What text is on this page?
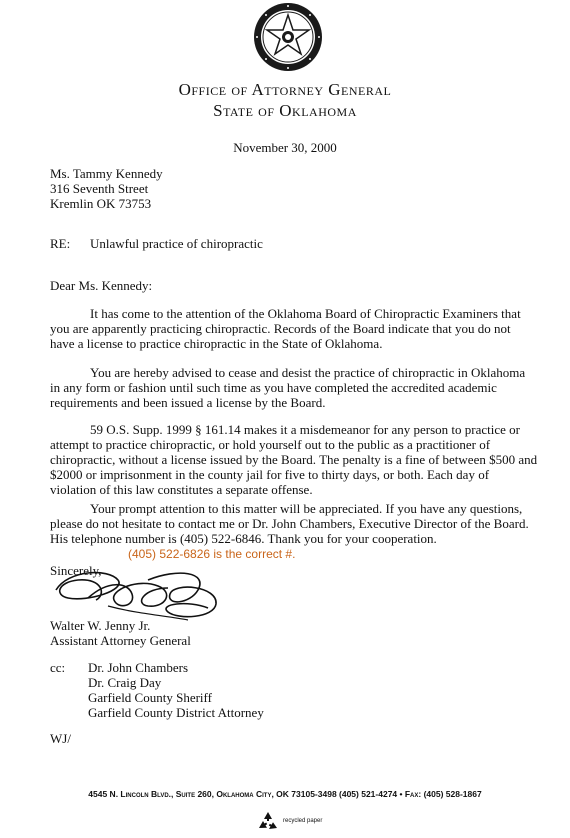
Office of Attorney General
State of Oklahoma
November 30, 2000
Ms. Tammy Kennedy
316 Seventh Street
Kremlin OK 73753
RE: Unlawful practice of chiropractic
Dear Ms. Kennedy:
It has come to the attention of the Oklahoma Board of Chiropractic Examiners that you are apparently practicing chiropractic. Records of the Board indicate that you do not have a license to practice chiropractic in the State of Oklahoma.
You are hereby advised to cease and desist the practice of chiropractic in Oklahoma in any form or fashion until such time as you have completed the accredited academic requirements and been issued a license by the Board.
59 O.S. Supp. 1999 § 161.14 makes it a misdemeanor for any person to practice or attempt to practice chiropractic, or hold yourself out to the public as a practitioner of chiropractic, without a license issued by the Board. The penalty is a fine of between $500 and $2000 or imprisonment in the county jail for five to thirty days, or both. Each day of violation of this law constitutes a separate offense.
Your prompt attention to this matter will be appreciated. If you have any questions, please do not hesitate to contact me or Dr. John Chambers, Executive Director of the Board. His telephone number is (405) 522-6846. Thank you for your cooperation.
(405) 522-6826 is the correct #.
Sincerely,
Walter W. Jenny Jr.
Assistant Attorney General
cc: Dr. John Chambers
Dr. Craig Day
Garfield County Sheriff
Garfield County District Attorney
WJ/
4545 N. Lincoln Blvd., Suite 260, Oklahoma City, OK 73105-3498 (405) 521-4274 • Fax: (405) 528-1867
recycled paper
